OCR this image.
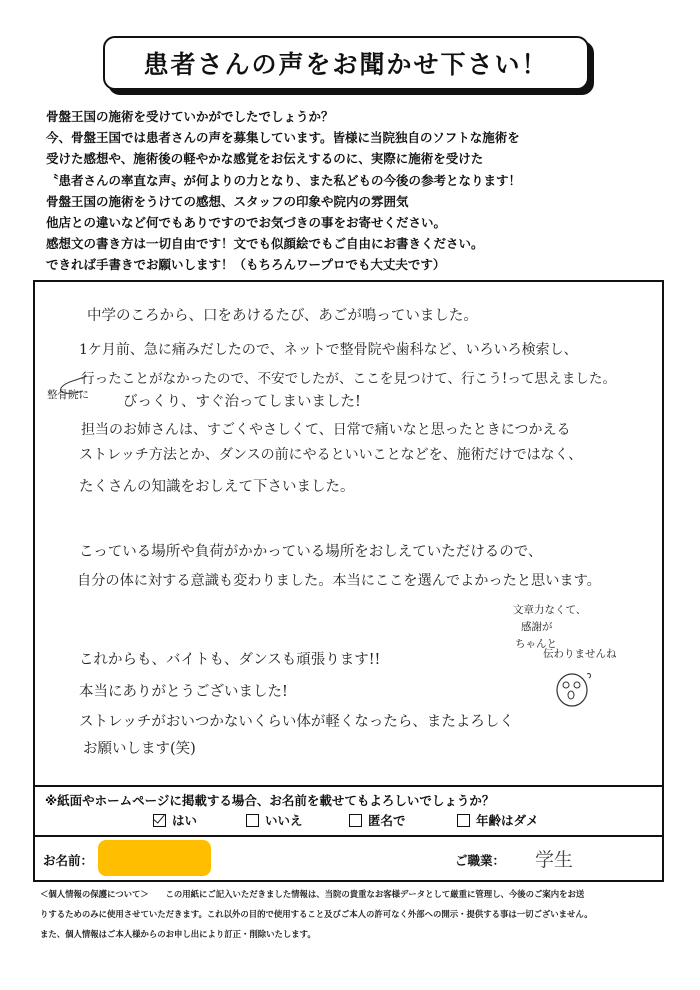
患者さんの声をお聞かせ下さい！
骨盤王国の施術を受けていかがでしたでしょうか？
今、骨盤王国では患者さんの声を募集しています。皆様に当院独自のソフトな施術を
受けた感想や、施術後の軽やかな感覚をお伝えするのに、実際に施術を受けた
〝患者さんの率直な声〟が何よりの力となり、また私どもの今後の参考となります！
骨盤王国の施術をうけての感想、スタッフの印象や院内の雰囲気
他店との違いなど何でもありですのでお気づきの事をお寄せください。
感想文の書き方は一切自由です！文でも似顔絵でもご自由にお書きください。
できれば手書きでお願いします！（もちろんワープロでも大丈夫です）
中学のころから、口をあけるたび、あごが鳴っていました。
1ケ月前、急に痛みだしたので、ネットで整骨院や歯科など、いろいろ検索し、
行ったことがなかったので、不安でしたが、ここを見つけて、行こう!って思えました。
整骨院に びっくり、すぐ治ってしまいました!
担当のお姉さんは、すごくやさしくて、日常で痛いなと思ったときにつかえる
ストレッチ方法とか、ダンスの前にやるといいことなどを、施術だけではなく、
たくさんの知識をおしえて下さいました。
こっている場所や負荷がかかっている場所をおしえていただけるので、
自分の体に対する意識も変わりました。本当にここを選んでよかったと思います。
文章力なくて、
感謝が
ちゃんと
伝わりませんね
これからも、バイトも、ダンスも頑張ります!!
本当にありがとうございました!
ストレッチがおいつかないくらい体が軽くなったら、またよろしく
お願いします(笑)
※紙面やホームページに掲載する場合、お名前を載せてもよろしいでしょうか？
はい	いいえ	匿名で	年齢はダメ
お名前：	ご職業： 学生
＜個人情報の保護について＞　　この用紙にご記入いただきました情報は、当院の貴重なお客様データとして厳重に管理し、今後のご案内をお送
りするためのみに使用させていただきます。これ以外の目的で使用すること及びご本人の許可なく外部への開示・提供する事は一切ございません。
また、個人情報はご本人様からのお申し出により訂正・削除いたします。
